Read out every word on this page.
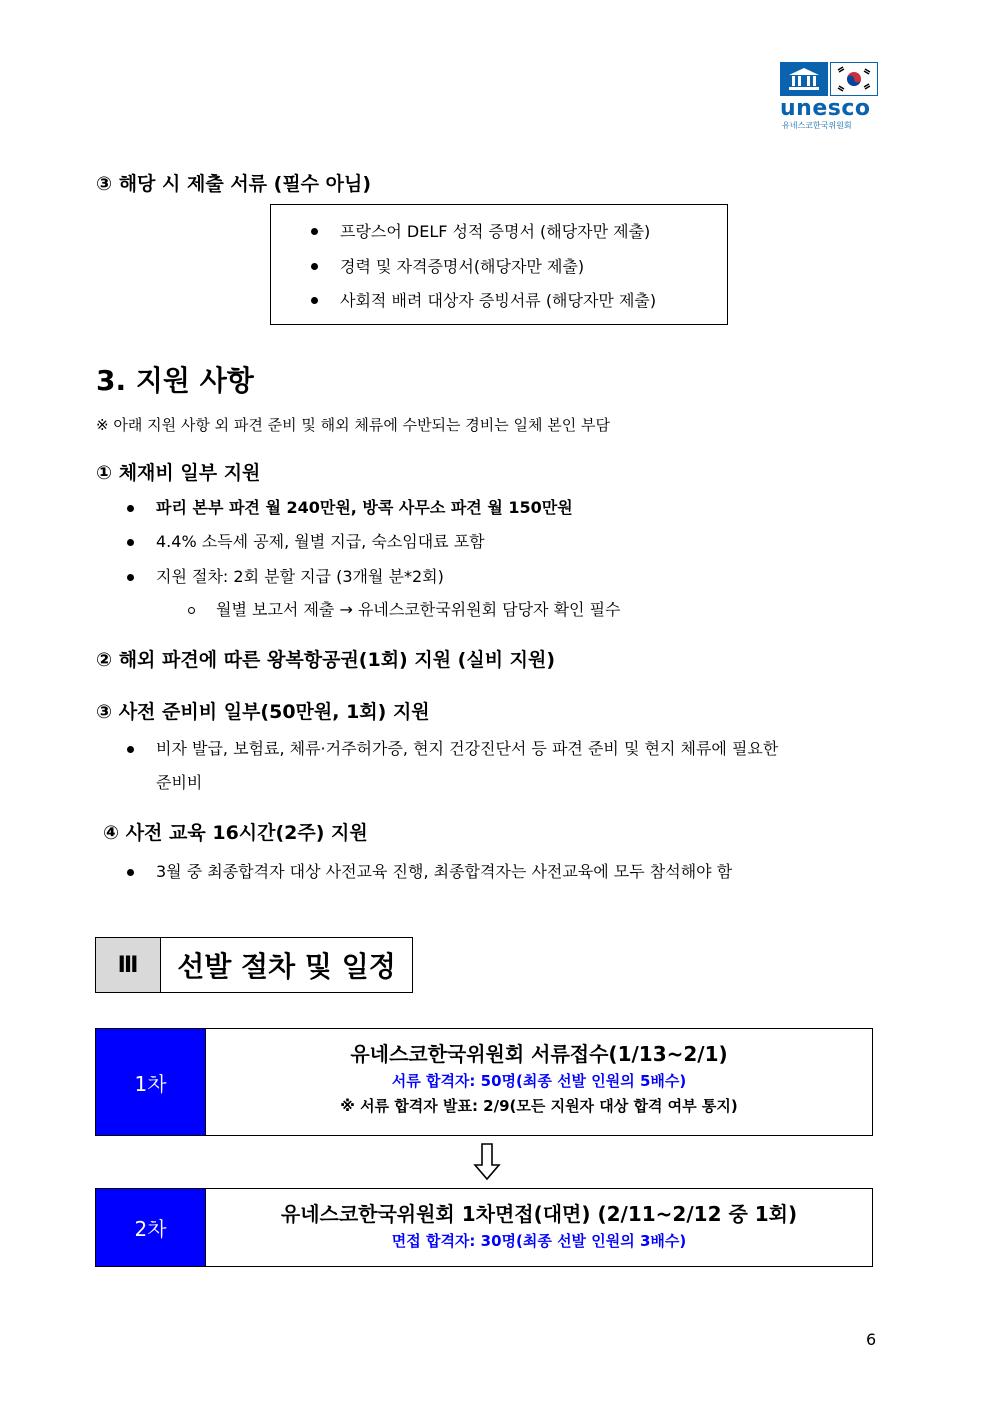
unesco
유네스코한국위원회
③ 해당 시 제출 서류 (필수 아님)
프랑스어 DELF 성적 증명서 (해당자만 제출)
경력 및 자격증명서(해당자만 제출)
사회적 배려 대상자 증빙서류 (해당자만 제출)
3. 지원 사항
※ 아래 지원 사항 외 파견 준비 및 해외 체류에 수반되는 경비는 일체 본인 부담
① 체재비 일부 지원
파리 본부 파견 월 240만원, 방콕 사무소 파견 월 150만원
4.4% 소득세 공제, 월별 지급, 숙소임대료 포함
지원 절차: 2회 분할 지급 (3개월 분*2회)
월별 보고서 제출 → 유네스코한국위원회 담당자 확인 필수
② 해외 파견에 따른 왕복항공권(1회) 지원 (실비 지원)
③ 사전 준비비 일부(50만원, 1회) 지원
비자 발급, 보험료, 체류·거주허가증, 현지 건강진단서 등 파견 준비 및 현지 체류에 필요한
준비비
④ 사전 교육 16시간(2주) 지원
3월 중 최종합격자 대상 사전교육 진행, 최종합격자는 사전교육에 모두 참석해야 함
Ⅲ	선발 절차 및 일정
1차
유네스코한국위원회 서류접수(1/13~2/1)
서류 합격자: 50명(최종 선발 인원의 5배수)
※ 서류 합격자 발표: 2/9(모든 지원자 대상 합격 여부 통지)
2차
유네스코한국위원회 1차면접(대면) (2/11~2/12 중 1회)
면접 합격자: 30명(최종 선발 인원의 3배수)
6
